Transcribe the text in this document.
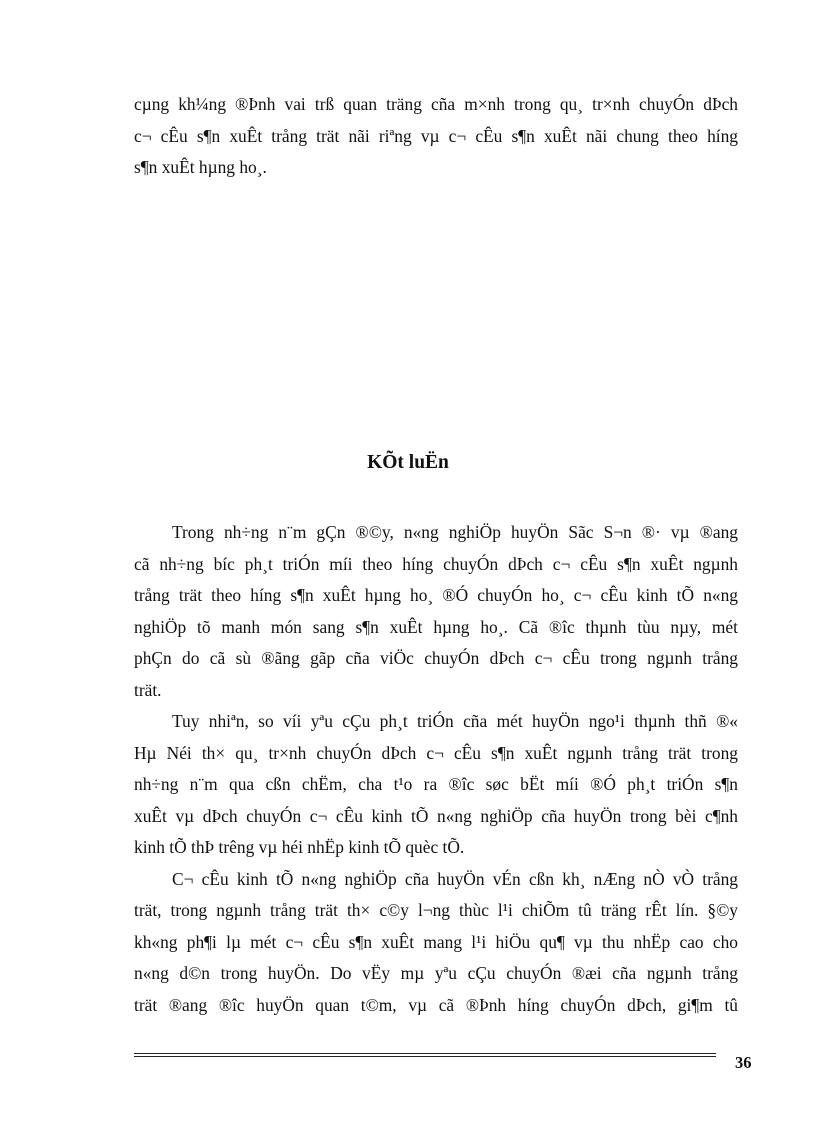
cµng kh¼ng ®Þnh vai trß quan träng cña m×nh trong qu¸ tr×nh chuyÓn dÞch
c¬ cÊu s¶n xuÊt trång trät nãi riªng vµ c¬ cÊu s¶n xuÊt nãi chung theo híng
s¶n xuÊt hµng ho¸.
KÕt luËn
Trong nh÷ng n¨m gÇn ®©y, n«ng nghiÖp huyÖn Sãc S¬n ®· vµ ®ang
cã nh÷ng bíc ph¸t triÓn míi theo híng chuyÓn dÞch c¬ cÊu s¶n xuÊt ngµnh
trång trät theo híng s¶n xuÊt hµng ho¸ ®Ó chuyÓn ho¸ c¬ cÊu kinh tÕ n«ng
nghiÖp tõ manh món sang s¶n xuÊt hµng ho¸. Cã ®îc thµnh tùu nµy, mét
phÇn do cã sù ®ãng gãp cña viÖc chuyÓn dÞch c¬ cÊu trong ngµnh trång
trät.
Tuy nhiªn, so víi yªu cÇu ph¸t triÓn cña mét huyÖn ngo¹i thµnh thñ ®«
Hµ Néi th× qu¸ tr×nh chuyÓn dÞch c¬ cÊu s¶n xuÊt ngµnh trång trät trong
nh÷ng n¨m qua cßn chËm, cha t¹o ra ®îc søc bËt míi ®Ó ph¸t triÓn s¶n
xuÊt vµ dÞch chuyÓn c¬ cÊu kinh tÕ n«ng nghiÖp cña huyÖn trong bèi c¶nh
kinh tÕ thÞ trêng vµ héi nhËp kinh tÕ quèc tÕ.
C¬ cÊu kinh tÕ n«ng nghiÖp cña huyÖn vÉn cßn kh¸ nÆng nÒ vÒ trång
trät, trong ngµnh trång trät th× c©y l¬ng thùc l¹i chiÕm tû träng rÊt lín. §©y
kh«ng ph¶i lµ mét c¬ cÊu s¶n xuÊt mang l¹i hiÖu qu¶ vµ thu nhËp cao cho
n«ng d©n trong huyÖn. Do vËy mµ yªu cÇu chuyÓn ®æi cña ngµnh trång
trät ®ang ®îc huyÖn quan t©m, vµ cã ®Þnh híng chuyÓn dÞch, gi¶m tû
36
